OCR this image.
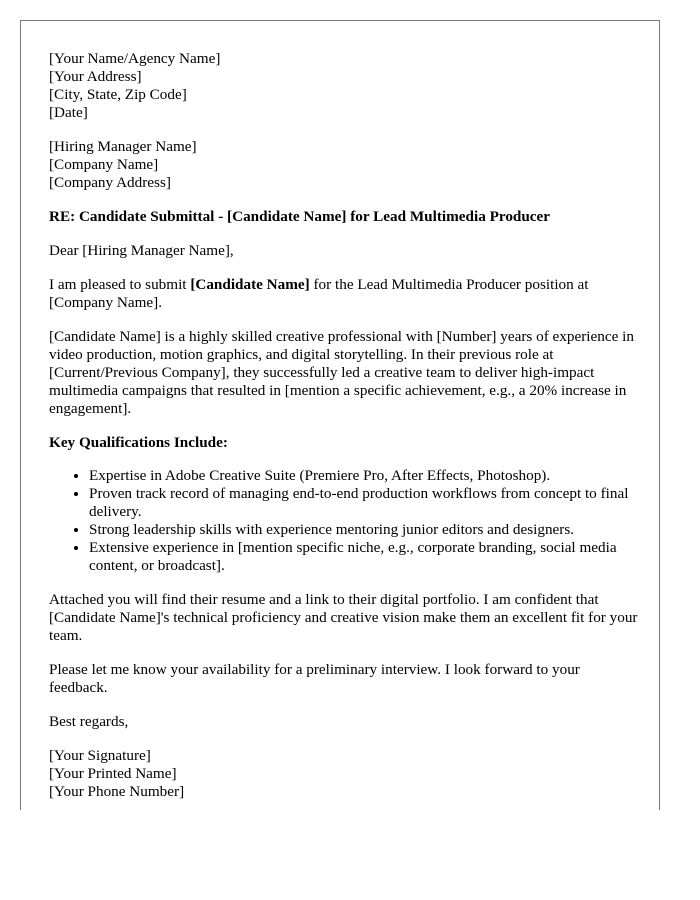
[Your Name/Agency Name]
[Your Address]
[City, State, Zip Code]
[Date]
[Hiring Manager Name]
[Company Name]
[Company Address]
RE: Candidate Submittal - [Candidate Name] for Lead Multimedia Producer

Dear [Hiring Manager Name],

I am pleased to submit [Candidate Name] for the Lead Multimedia Producer position at [Company Name].

[Candidate Name] is a highly skilled creative professional with [Number] years of experience in video production, motion graphics, and digital storytelling. In their previous role at [Current/Previous Company], they successfully led a creative team to deliver high-impact multimedia campaigns that resulted in [mention a specific achievement, e.g., a 20% increase in engagement].

Key Qualifications Include:
• Expertise in Adobe Creative Suite (Premiere Pro, After Effects, Photoshop).
• Proven track record of managing end-to-end production workflows from concept to final delivery.
• Strong leadership skills with experience mentoring junior editors and designers.
• Extensive experience in [mention specific niche, e.g., corporate branding, social media content, or broadcast].

Attached you will find their resume and a link to their digital portfolio. I am confident that [Candidate Name]'s technical proficiency and creative vision make them an excellent fit for your team.

Please let me know your availability for a preliminary interview. I look forward to your feedback.

Best regards,

[Your Signature]
[Your Printed Name]
[Your Phone Number]
